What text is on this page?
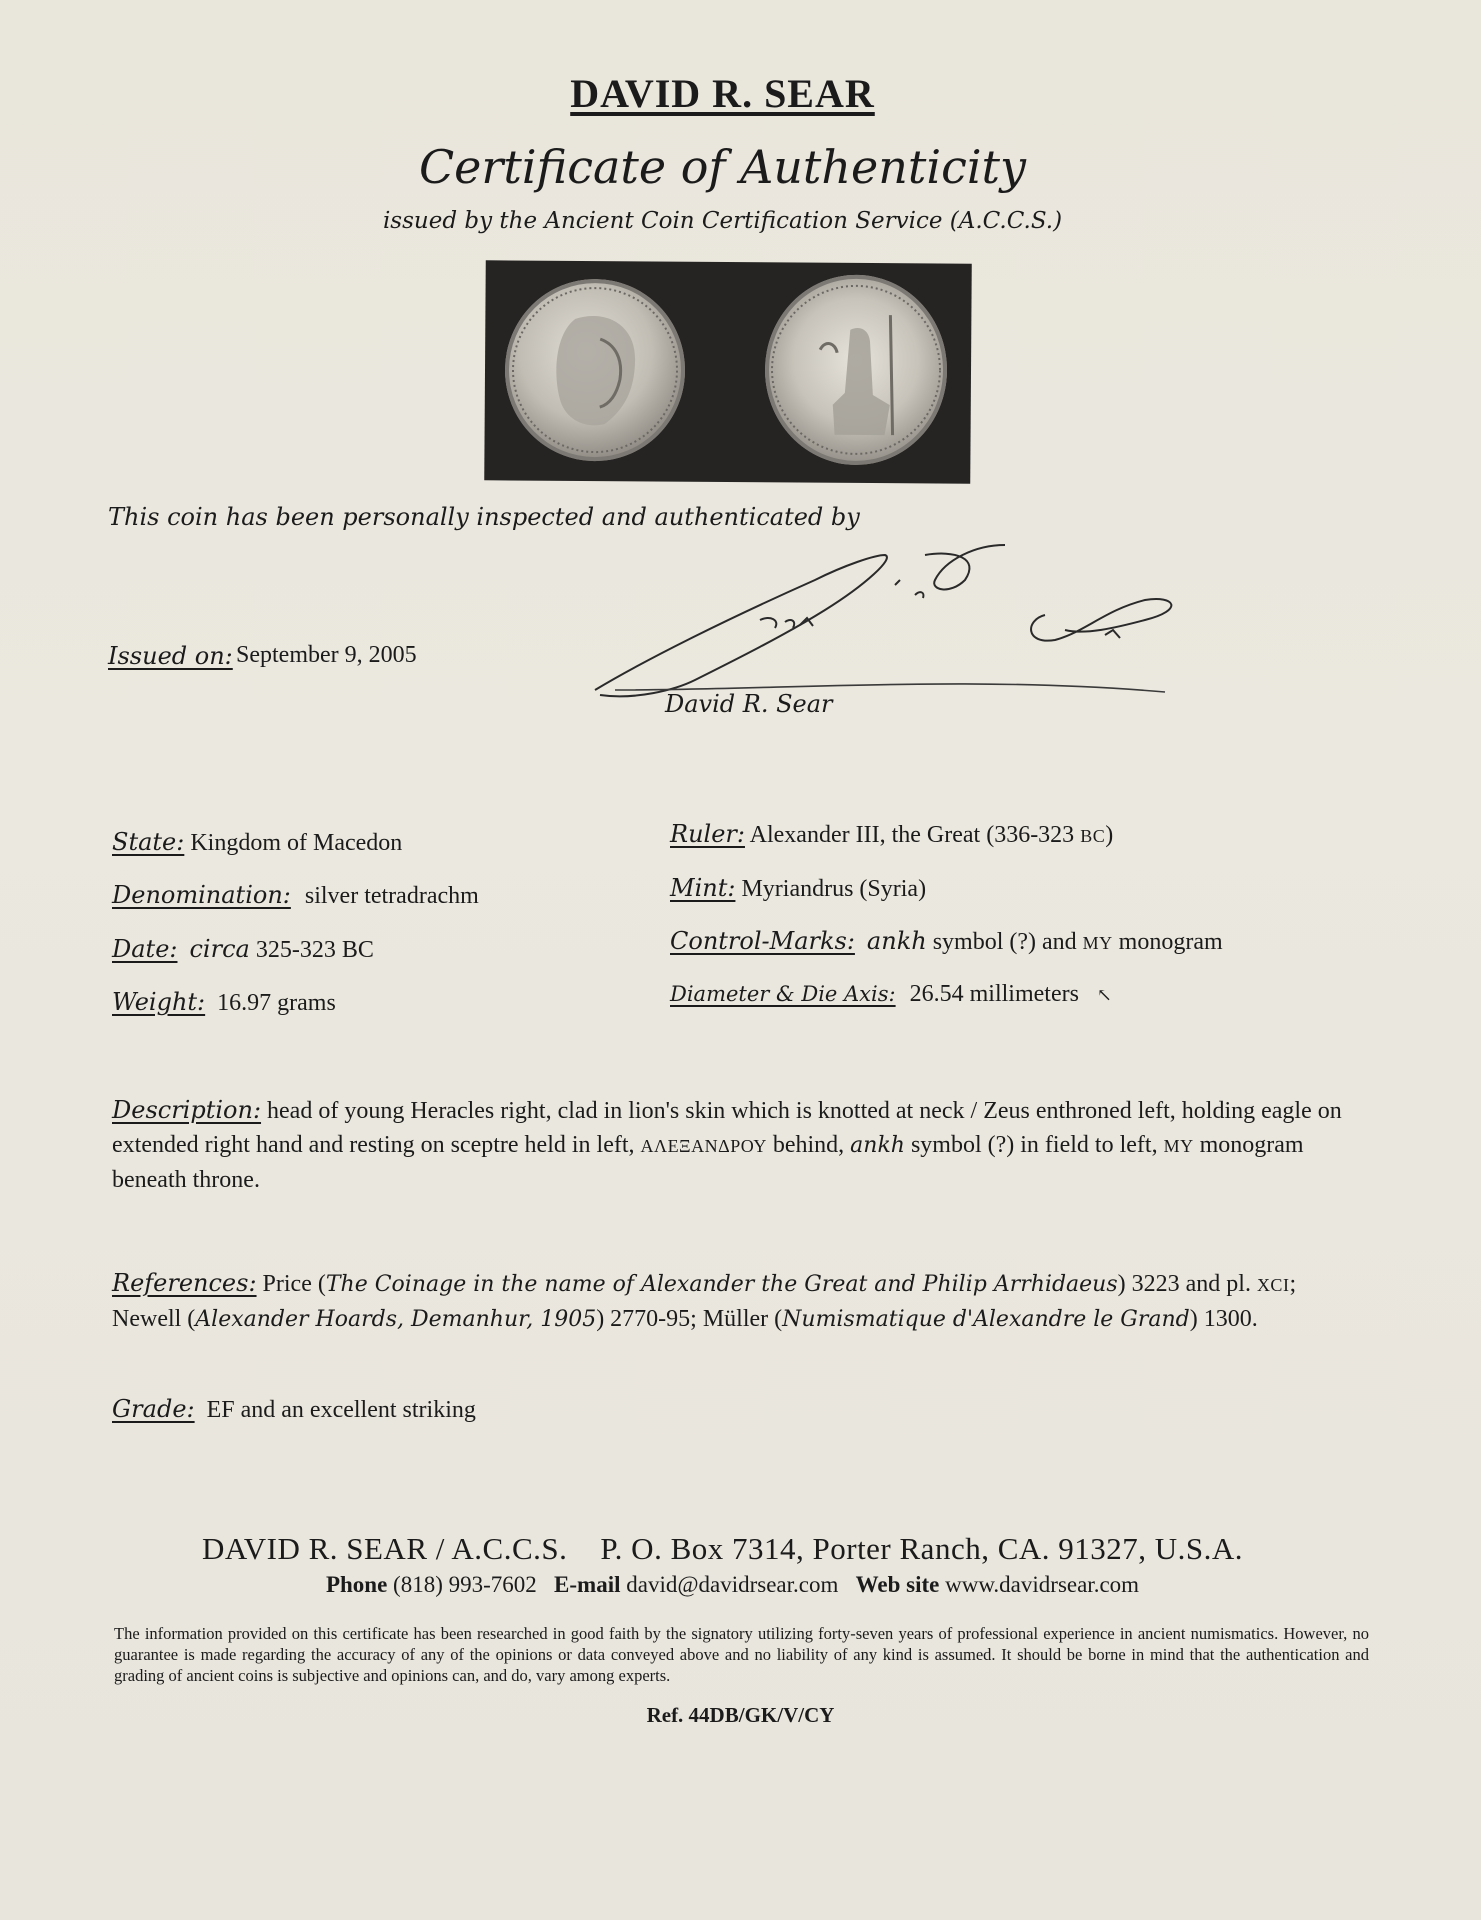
DAVID R. SEAR
Certificate of Authenticity
issued by the Ancient Coin Certification Service (A.C.C.S.)
This coin has been personally inspected and authenticated by
David R. Sear
Issued on: September 9, 2005
State: Kingdom of Macedon
Denomination: silver tetradrachm
Date: circa 325-323 BC
Weight: 16.97 grams
Ruler: Alexander III, the Great (336-323 BC)
Mint: Myriandrus (Syria)
Control-Marks: ankh symbol (?) and MY monogram
Diameter & Die Axis: 26.54 millimeters ↖
Description: head of young Heracles right, clad in lion's skin which is knotted at neck / Zeus enthroned left, holding eagle on extended right hand and resting on sceptre held in left, ΑΛΕΞΑΝΔΡΟΥ behind, ankh symbol (?) in field to left, MY monogram beneath throne.
References: Price (The Coinage in the name of Alexander the Great and Philip Arrhidaeus) 3223 and pl. XCI; Newell (Alexander Hoards, Demanhur, 1905) 2770-95; Müller (Numismatique d'Alexandre le Grand) 1300.
Grade: EF and an excellent striking
DAVID R. SEAR / A.C.C.S.    P. O. Box 7314, Porter Ranch, CA. 91327, U.S.A.
Phone (818) 993-7602 E-mail david@davidrsear.com Web site www.davidrsear.com
The information provided on this certificate has been researched in good faith by the signatory utilizing forty-seven years of professional experience in ancient numismatics. However, no guarantee is made regarding the accuracy of any of the opinions or data conveyed above and no liability of any kind is assumed. It should be borne in mind that the authentication and grading of ancient coins is subjective and opinions can, and do, vary among experts.
Ref. 44DB/GK/V/CY
